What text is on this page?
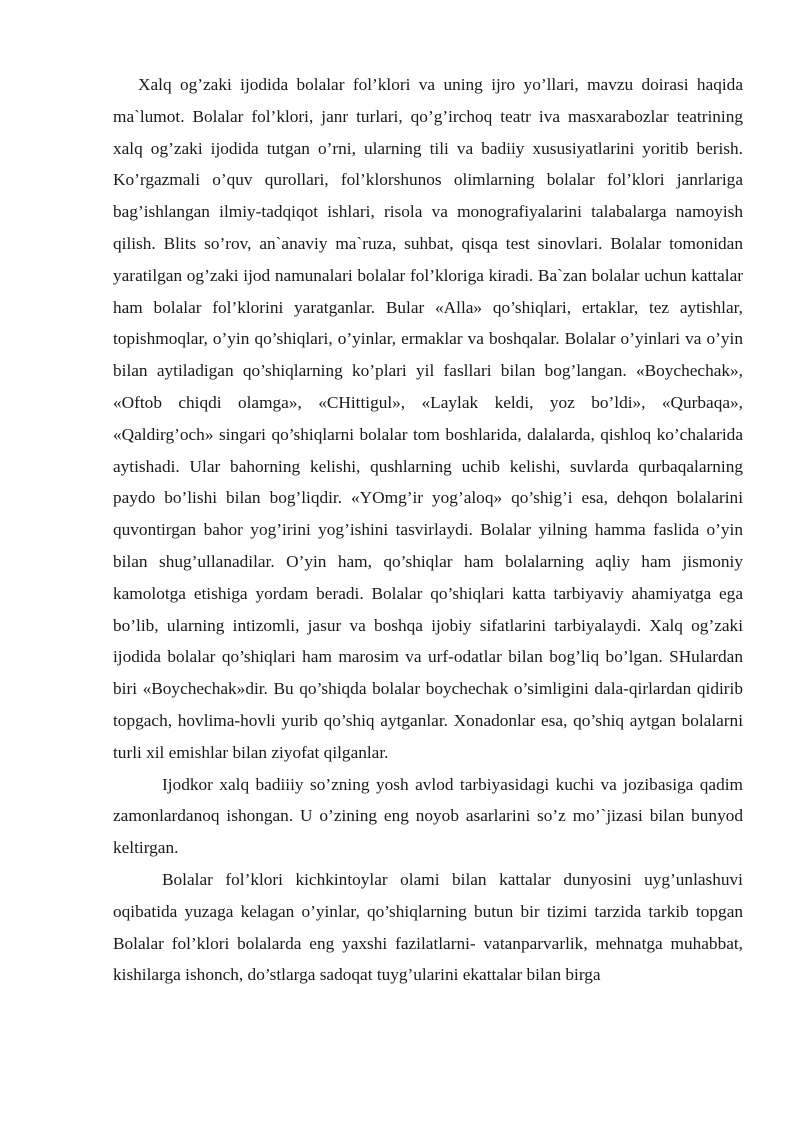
Xalq og’zaki ijodida bolalar fol’klori va uning ijro yo’llari, mavzu doirasi haqida ma`lumot. Bolalar fol’klori, janr turlari, qo’g’irchoq teatr iva masxarabozlar teatrining xalq og’zaki ijodida tutgan o’rni, ularning tili va badiiy xususiyatlarini yoritib berish. Ko’rgazmali o’quv qurollari, fol’klorshunos olimlarning bolalar fol’klori janrlariga bag’ishlangan ilmiy-tadqiqot ishlari, risola va monografiyalarini talabalarga namoyish qilish. Blits so’rov, an`anaviy ma`ruza, suhbat, qisqa test sinovlari. Bolalar tomonidan yaratilgan og’zaki ijod namunalari bolalar fol’kloriga kiradi. Ba`zan bolalar uchun kattalar ham bolalar fol’klorini yaratganlar. Bular «Alla» qo’shiqlari, ertaklar, tez aytishlar, topishmoqlar, o’yin qo’shiqlari, o’yinlar, ermaklar va boshqalar. Bolalar o’yinlari va o’yin bilan aytiladigan qo’shiqlarning ko’plari yil fasllari bilan bog’langan. «Boychechak», «Oftob chiqdi olamga», «CHittigul», «Laylak keldi, yoz bo’ldi», «Qurbaqa», «Qaldirg’och» singari qo’shiqlarni bolalar tom boshlarida, dalalarda, qishloq ko’chalarida aytishadi. Ular bahorning kelishi, qushlarning uchib kelishi, suvlarda qurbaqalarning paydo bo’lishi bilan bog’liqdir. «YOmg’ir yog’aloq» qo’shig’i esa, dehqon bolalarini quvontirgan bahor yog’irini yog’ishini tasvirlaydi. Bolalar yilning hamma faslida o’yin bilan shug’ullanadilar. O’yin ham, qo’shiqlar ham bolalarning aqliy ham jismoniy kamolotga etishiga yordam beradi. Bolalar qo’shiqlari katta tarbiyaviy ahamiyatga ega bo’lib, ularning intizomli, jasur va boshqa ijobiy sifatlarini tarbiyalaydi. Xalq og’zaki ijodida bolalar qo’shiqlari ham marosim va urf-odatlar bilan bog’liq bo’lgan. SHulardan biri «Boychechak»dir. Bu qo’shiqda bolalar boychechak o’simligini dala-qirlardan qidirib topgach, hovlima-hovli yurib qo’shiq aytganlar. Xonadonlar esa, qo’shiq aytgan bolalarni turli xil emishlar bilan ziyofat qilganlar.

Ijodkor xalq badiiiy so’zning yosh avlod tarbiyasidagi kuchi va jozibasiga qadim zamonlardanoq ishongan. U o’zining eng noyob asarlarini so’z mo’`jizasi bilan bunyod keltirgan.

Bolalar fol’klori kichkintoylar olami bilan kattalar dunyosini uyg’unlashuvi oqibatida yuzaga kelagan o’yinlar, qo’shiqlarning butun bir tizimi tarzida tarkib topgan Bolalar fol’klori bolalarda eng yaxshi fazilatlarni- vatanparvarlik, mehnatga muhabbat, kishilarga ishonch, do’stlarga sadoqat tuyg’ularini ekattalar bilan birga
